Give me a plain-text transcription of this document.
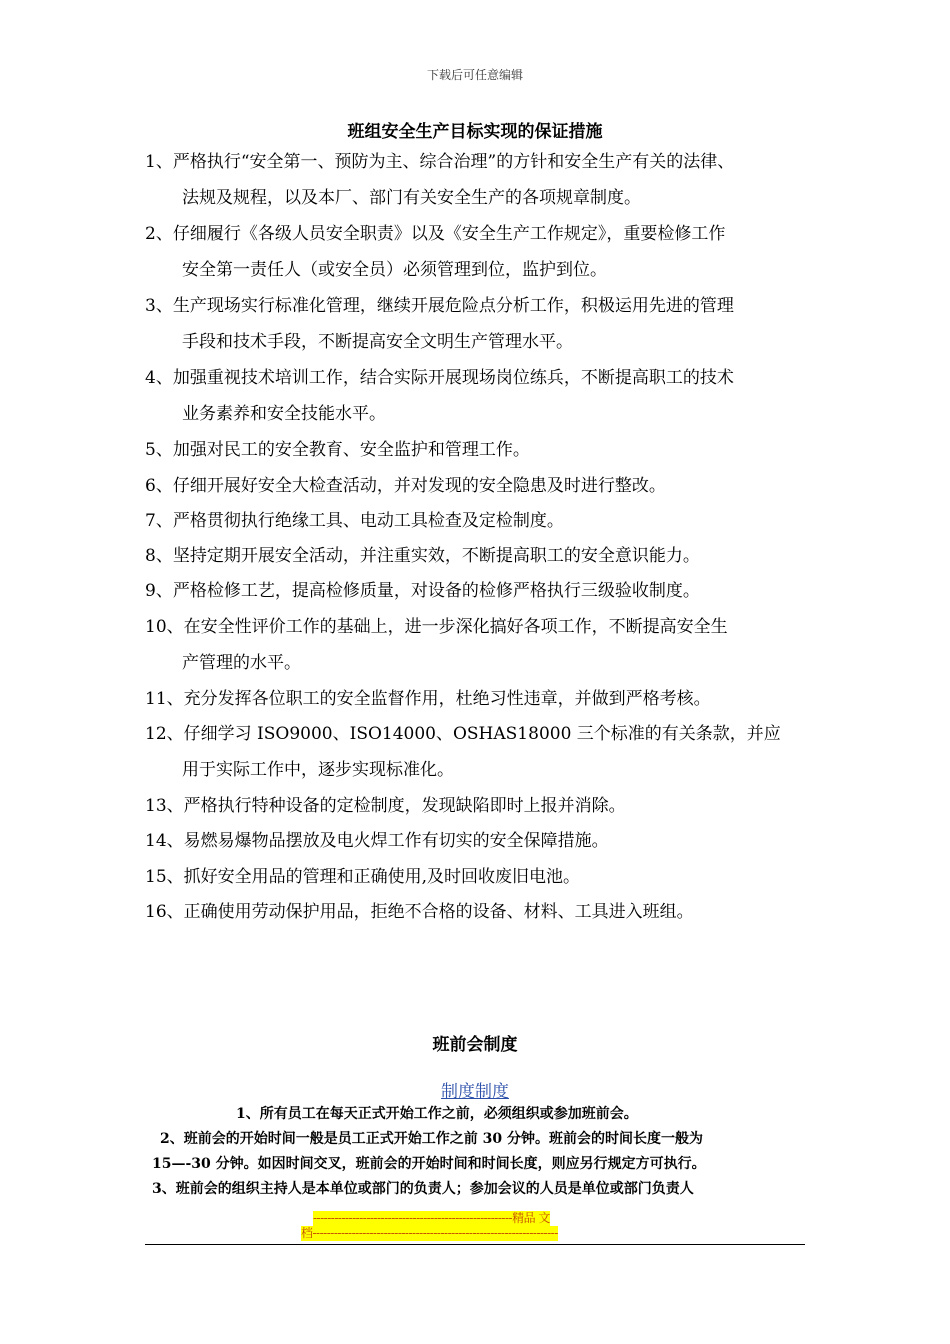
下载后可任意编辑
班组安全生产目标实现的保证措施
1、严格执行“安全第一、预防为主、综合治理”的方针和安全生产有关的法律、
法规及规程，以及本厂、部门有关安全生产的各项规章制度。
2、仔细履行《各级人员安全职责》以及《安全生产工作规定》，重要检修工作
安全第一责任人（或安全员）必须管理到位，监护到位。
3、生产现场实行标准化管理，继续开展危险点分析工作，积极运用先进的管理
手段和技术手段，不断提高安全文明生产管理水平。
4、加强重视技术培训工作，结合实际开展现场岗位练兵，不断提高职工的技术
业务素养和安全技能水平。
5、加强对民工的安全教育、安全监护和管理工作。
6、仔细开展好安全大检查活动，并对发现的安全隐患及时进行整改。
7、严格贯彻执行绝缘工具、电动工具检查及定检制度。
8、坚持定期开展安全活动，并注重实效，不断提高职工的安全意识能力。
9、严格检修工艺，提高检修质量，对设备的检修严格执行三级验收制度。
10、在安全性评价工作的基础上，进一步深化搞好各项工作，不断提高安全生
产管理的水平。
11、充分发挥各位职工的安全监督作用，杜绝习性违章，并做到严格考核。
12、仔细学习 ISO9000、ISO14000、OSHAS18000 三个标准的有关条款，并应
用于实际工作中，逐步实现标准化。
13、严格执行特种设备的定检制度，发现缺陷即时上报并消除。
14、易燃易爆物品摆放及电火焊工作有切实的安全保障措施。
15、抓好安全用品的管理和正确使用,及时回收废旧电池。
16、正确使用劳动保护用品，拒绝不合格的设备、材料、工具进入班组。
班前会制度
制度制度
1、所有员工在每天正式开始工作之前，必须组织或参加班前会。
2、班前会的开始时间一般是员工正式开始工作之前 30 分钟。班前会的时间长度一般为
15—-30 分钟。如因时间交叉，班前会的开始时间和时间长度，则应另行规定方可执行。
3、班前会的组织主持人是本单位或部门的负责人；参加会议的人员是单位或部门负责人
--------------------------------------------------------精品 文
档---------------------------------------------------------------------
